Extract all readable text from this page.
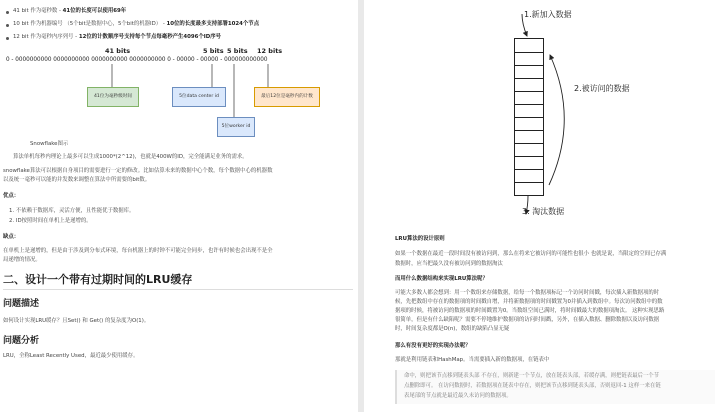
41 bit 作为毫秒数 - 41位的长度可以使用69年
10 bit 作为机器编号 （5个bit是数据中心，5个bit的机器ID） - 10位的长度最多支持部署1024个节点
12 bit 作为毫秒内序列号 - 12位的计数顺序号支持每个节点每毫秒产生4096个ID序号
41 bits	5 bits 5 bits 12 bits
0 - 0000000000 0000000000 0000000000 0000000000 0 - 00000 - 00000 - 000000000000
41位为毫秒级时间	5位data center id
5位worker id
最后12位是毫秒内的计数
Snowflake图示
算法单机每秒内理论上最多可以生成1000*(2^12)，也就是400W的ID，完全能满足业务的需求。
snowflake算法可以根据自身项目的需要进行一定的修改。比如估算未来的数据中心个数，每个数据中心的机器数
以及统一毫秒可以能的并发数来调整在算法中所需要的bit数。
优点：
1. 不依赖于数据库，灵活方便，且性能优于数据库。
2. ID按照时间在单机上是递增的。
缺点：
在单机上是递增的，但是由于涉及到分布式环境，每台机器上的时钟不可能完全同步，也许有时候也会出现不是全
局递增的情况。
二、设计一个带有过期时间的LRU缓存
问题描述
如何设计实现LRU缓存？且Set() 和 Get() 的复杂度为O(1)。
问题分析
LRU，全称Least Recently Used，最近最少使用缓存。
1.新加入数据
2.被访问的数据
3. 淘汰数据
LRU算法的设计原则
如果一个数据在最近一段时间没有被访问到，那么在将来它被访问的可能性也很小 也就是说，当限定的空间已存满
数据时，应当把最久没有被访问到的数据淘汰
而用什么数据结构来实现LRU算法呢？
可能大多数人都会想到：用一个数组来存储数据，给每一个数据项标记一个访问时间戳，每次插入新数据项的时
候，先把数组中存在的数据项的时间戳自增，并将新数据项的时间戳置为0并插入到数组中。每次访问数组中的数
据项的时候，将被访问的数据项的时间戳置为0。当数组空间已满时，将时间戳最大的数据项淘汰。 这种实现思路
很简单，但是有什么缺陷呢？需要不停地维护数据项的访问时间戳，另外，在插入数据、删除数据以及访问数据
时，时间复杂度都是O(n)，数组的缺陷凸显无疑
那么有没有更好的实现办法呢？
那就是利用链表和HashMap。当需要插入新的数据项，在链表中
命中，则把该节点移到链表头部 不存在，则新建一个节点，放在链表头部，若缓存满，则把链表最后一个节
点删除即可。 在访问数据时，若数据项在链表中存在，则把该节点移到链表头部，否则返回-1 这样一来在链
表尾部的节点就是最近最久未访问的数据项。
